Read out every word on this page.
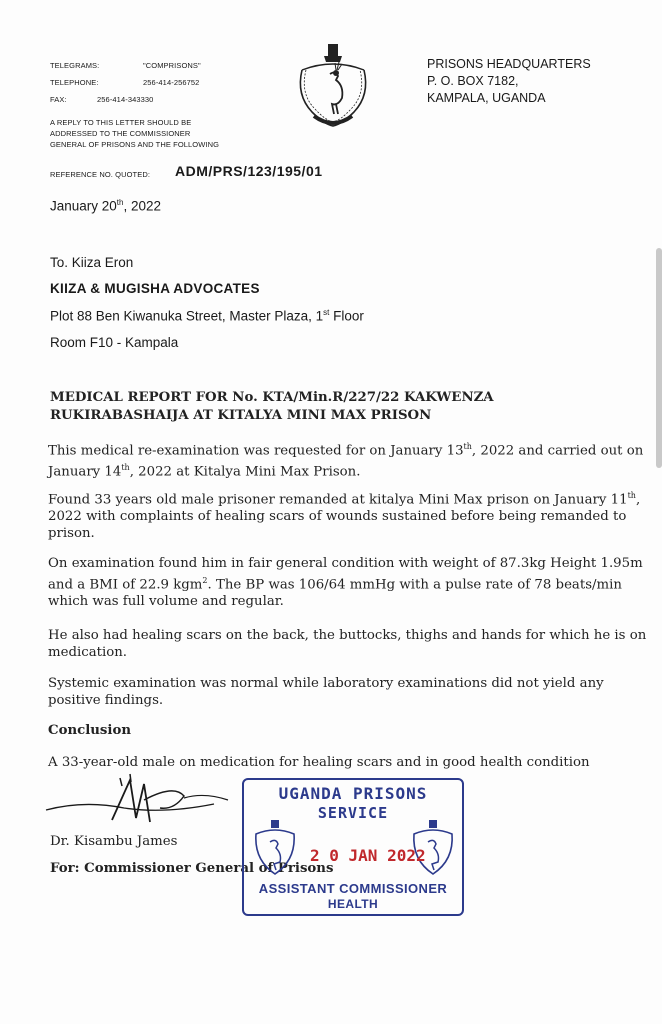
TELEGRAMS:	"COMPRISONS"
TELEPHONE:	256-414-256752
FAX:	256-414-343330
A REPLY TO THIS LETTER SHOULD BE
ADDRESSED TO THE COMMISSIONER
GENERAL OF PRISONS AND THE FOLLOWING
PRISONS HEADQUARTERS
P. O. BOX 7182,
KAMPALA, UGANDA
REFERENCE NO. QUOTED: ADM/PRS/123/195/01
January 20th, 2022
To. Kiiza Eron
KIIZA & MUGISHA ADVOCATES
Plot 88 Ben Kiwanuka Street, Master Plaza, 1st Floor
Room F10 - Kampala
MEDICAL REPORT FOR No. KTA/Min.R/227/22 KAKWENZA
RUKIRABASHAIJA AT KITALYA MINI MAX PRISON
This medical re-examination was requested for on January 13th, 2022 and carried out on January 14th, 2022 at Kitalya Mini Max Prison.
Found 33 years old male prisoner remanded at kitalya Mini Max prison on January 11th, 2022 with complaints of healing scars of wounds sustained before being remanded to prison.
On examination found him in fair general condition with weight of 87.3kg Height 1.95m and a BMI of 22.9 kgm$^2$. The BP was 106/64 mmHg with a pulse rate of 78 beats/min which was full volume and regular.
He also had healing scars on the back, the buttocks, thighs and hands for which he is on medication.
Systemic examination was normal while laboratory examinations did not yield any positive findings.
Conclusion
A 33-year-old male on medication for healing scars and in good health condition
Dr. Kisambu James
For: Commissioner General of Prisons
UGANDA PRISONS
SERVICE
2 0 JAN 2022
ASSISTANT COMMISSIONER
HEALTH
